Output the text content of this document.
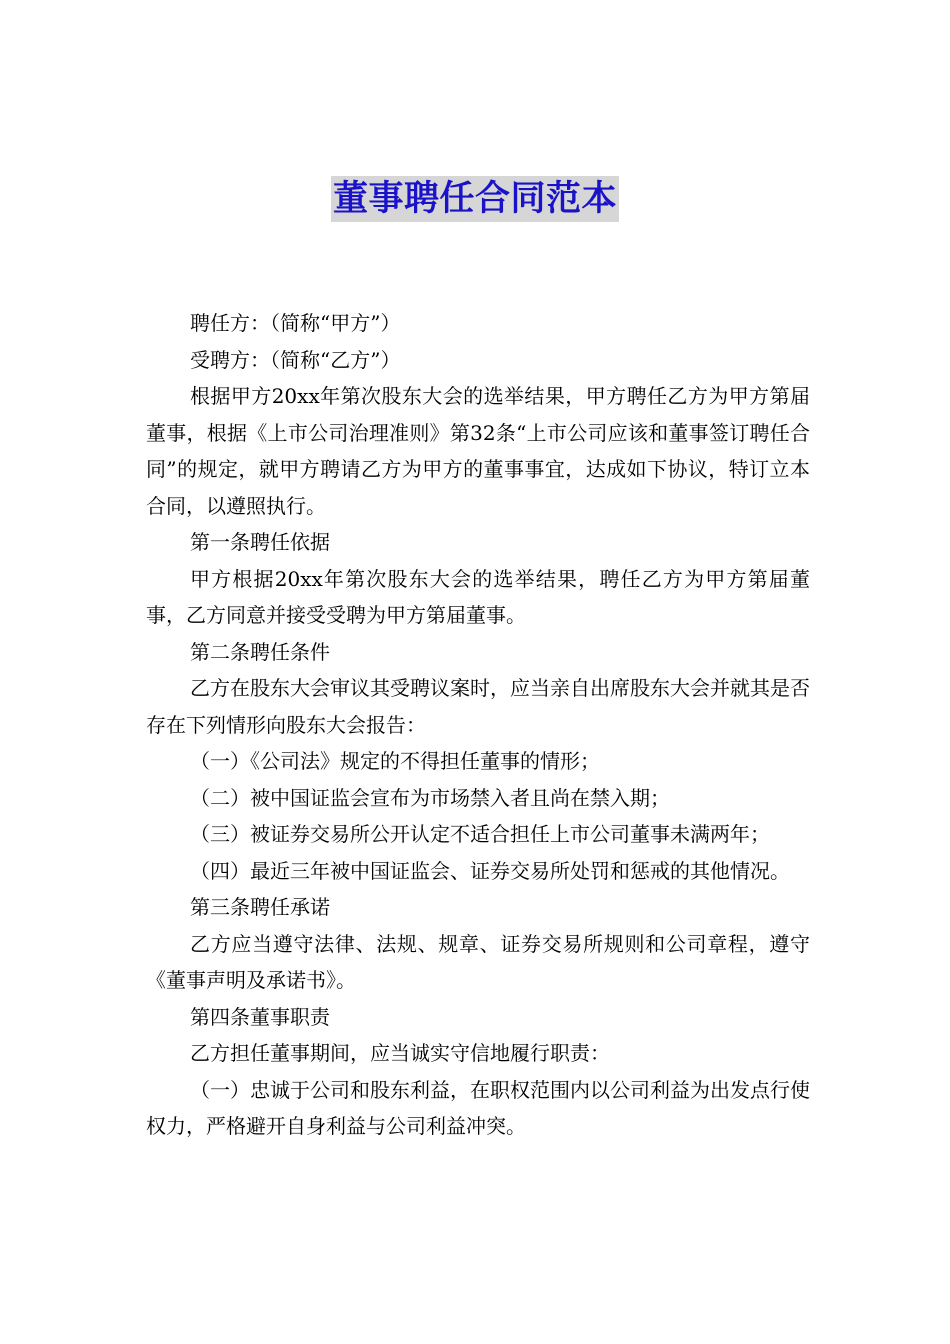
董事聘任合同范本

聘任方：（简称“甲方”）

受聘方：（简称“乙方”）

根据甲方20xx年第次股东大会的选举结果，甲方聘任乙方为甲方第届董事，根据《上市公司治理准则》第32条“上市公司应该和董事签订聘任合同”的规定，就甲方聘请乙方为甲方的董事事宜，达成如下协议，特订立本合同，以遵照执行。

第一条聘任依据

甲方根据20xx年第次股东大会的选举结果，聘任乙方为甲方第届董事，乙方同意并接受受聘为甲方第届董事。

第二条聘任条件

乙方在股东大会审议其受聘议案时，应当亲自出席股东大会并就其是否存在下列情形向股东大会报告：

（一）《公司法》规定的不得担任董事的情形；

（二）被中国证监会宣布为市场禁入者且尚在禁入期；

（三）被证券交易所公开认定不适合担任上市公司董事未满两年；

（四）最近三年被中国证监会、证券交易所处罚和惩戒的其他情况。

第三条聘任承诺

乙方应当遵守法律、法规、规章、证券交易所规则和公司章程，遵守《董事声明及承诺书》。

第四条董事职责

乙方担任董事期间，应当诚实守信地履行职责：

（一）忠诚于公司和股东利益，在职权范围内以公司利益为出发点行使权力，严格避开自身利益与公司利益冲突。
